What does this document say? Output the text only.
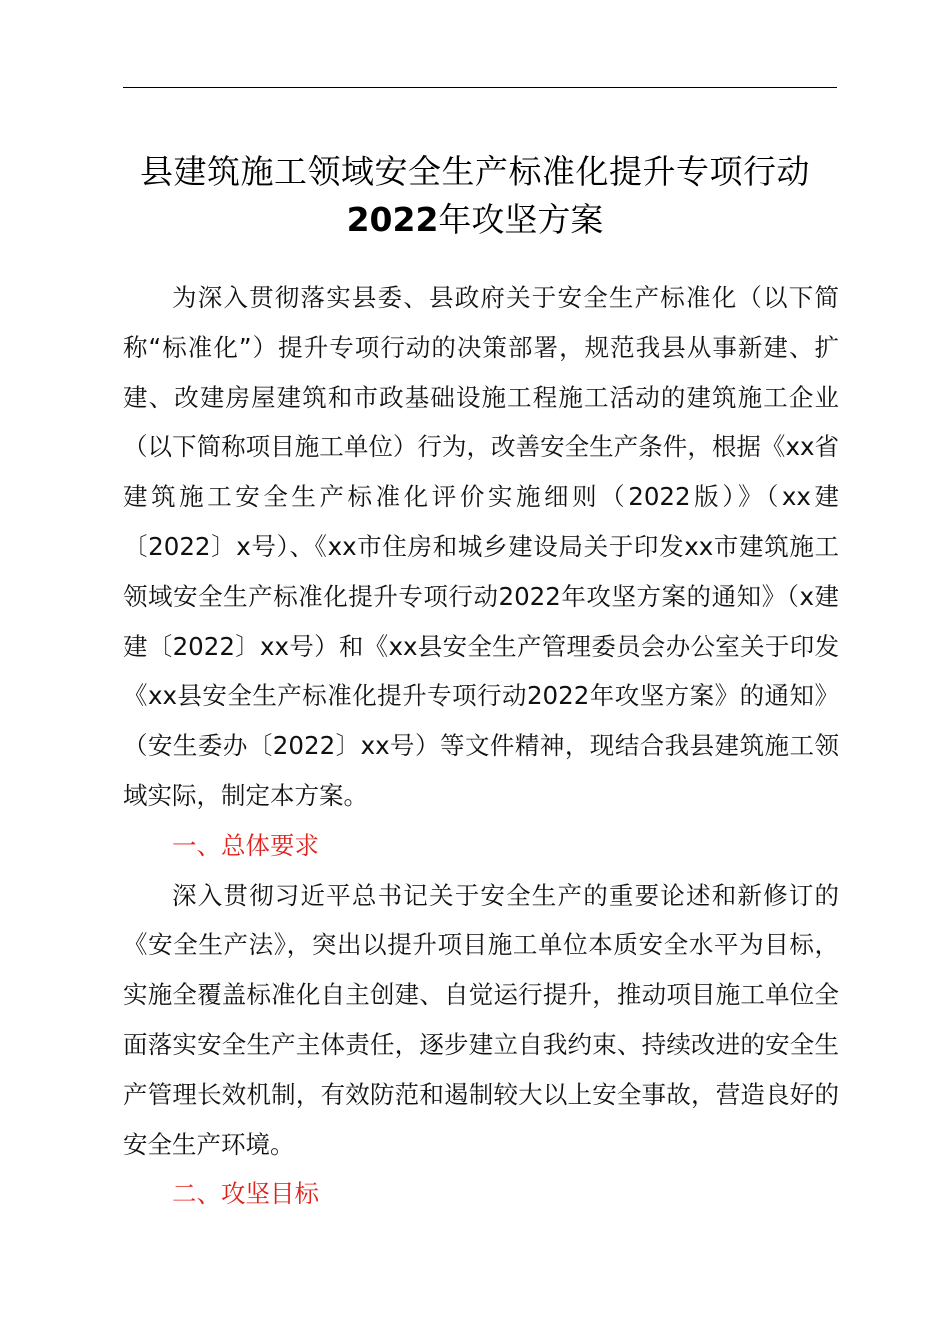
县建筑施工领域安全生产标准化提升专项行动
2022年攻坚方案

为深入贯彻落实县委、县政府关于安全生产标准化（以下简称“标准化”）提升专项行动的决策部署，规范我县从事新建、扩建、改建房屋建筑和市政基础设施工程施工活动的建筑施工企业（以下简称项目施工单位）行为，改善安全生产条件，根据《xx省建筑施工安全生产标准化评价实施细则（2022版）》（xx建〔2022〕x号）、《xx市住房和城乡建设局关于印发xx市建筑施工领域安全生产标准化提升专项行动2022年攻坚方案的通知》（x建建〔2022〕xx号）和《xx县安全生产管理委员会办公室关于印发《xx县安全生产标准化提升专项行动2022年攻坚方案》的通知》（安生委办〔2022〕xx号）等文件精神，现结合我县建筑施工领域实际，制定本方案。

一、总体要求

深入贯彻习近平总书记关于安全生产的重要论述和新修订的《安全生产法》，突出以提升项目施工单位本质安全水平为目标，实施全覆盖标准化自主创建、自觉运行提升，推动项目施工单位全面落实安全生产主体责任，逐步建立自我约束、持续改进的安全生产管理长效机制，有效防范和遏制较大以上安全事故，营造良好的安全生产环境。

二、攻坚目标
